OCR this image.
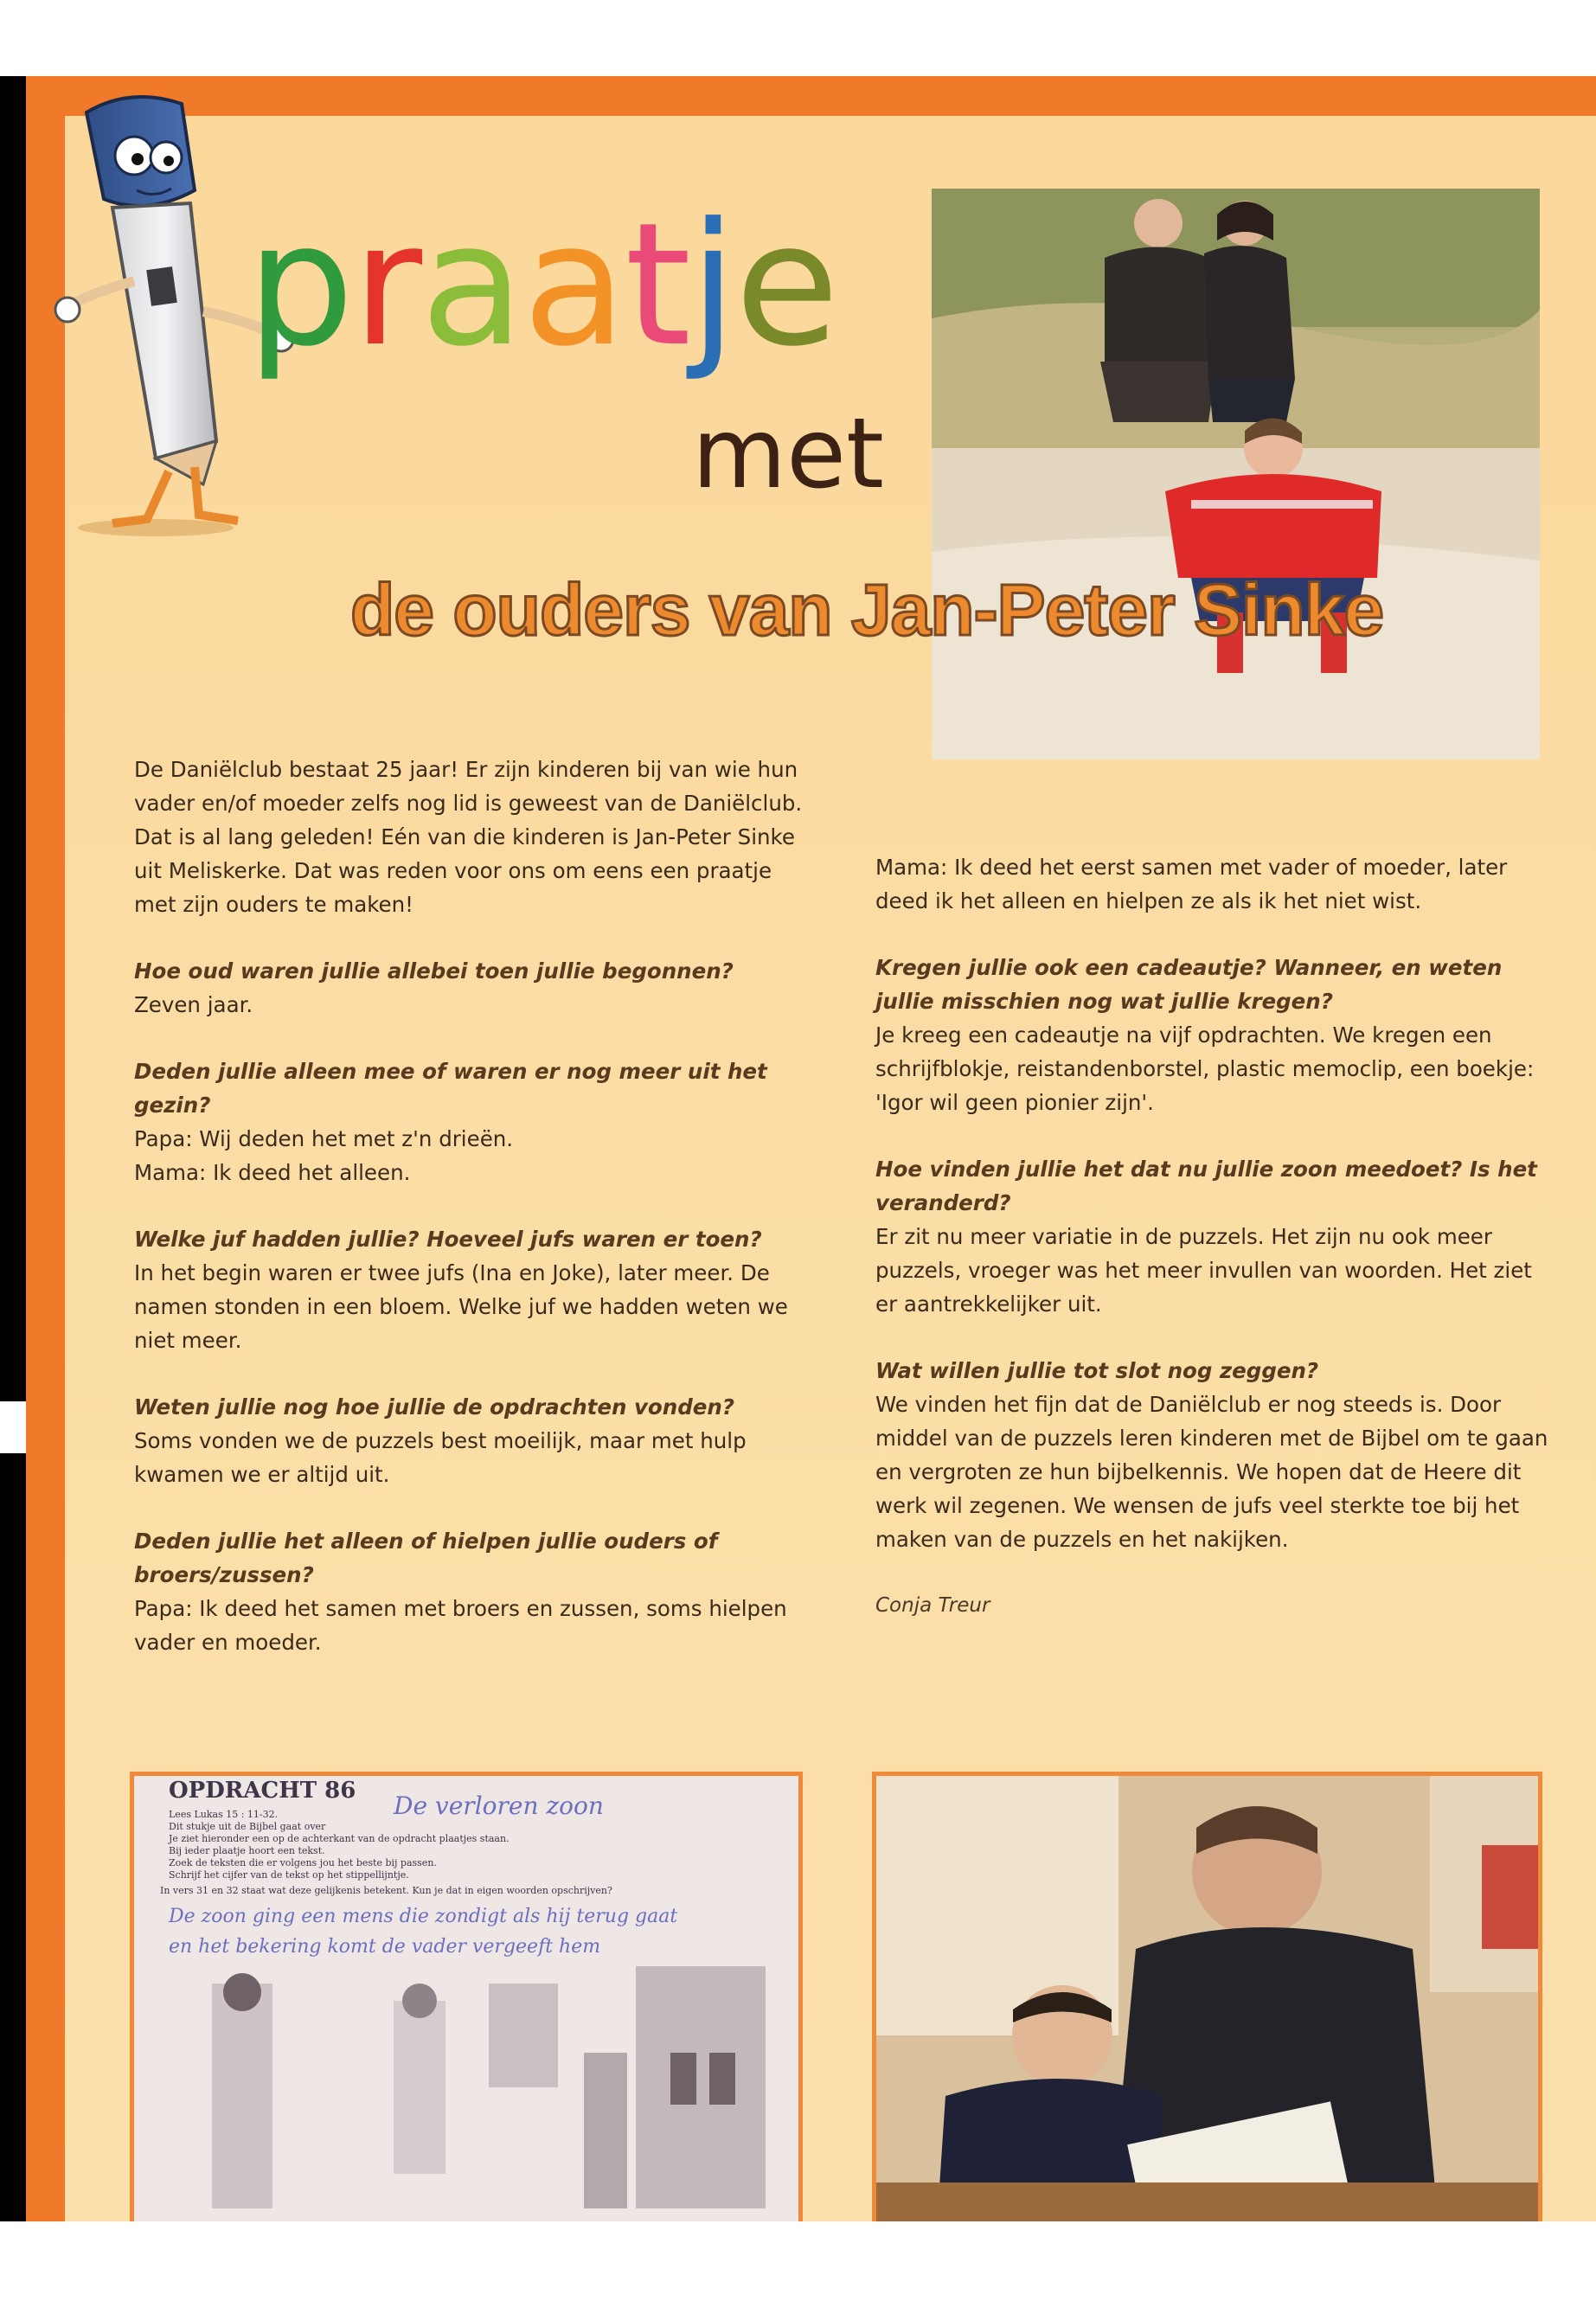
praatje
met
de ouders van Jan-Peter Sinke

De Daniëlclub bestaat 25 jaar! Er zijn kinderen bij van wie hun vader en/of moeder zelfs nog lid is geweest van de Daniëlclub. Dat is al lang geleden! Eén van die kinderen is Jan-Peter Sinke uit Meliskerke. Dat was reden voor ons om eens een praatje met zijn ouders te maken!

Hoe oud waren jullie allebei toen jullie begonnen?
Zeven jaar.

Deden jullie alleen mee of waren er nog meer uit het gezin?
Papa: Wij deden het met z'n drieën.
Mama: Ik deed het alleen.

Welke juf hadden jullie? Hoeveel jufs waren er toen?
In het begin waren er twee jufs (Ina en Joke), later meer. De namen stonden in een bloem. Welke juf we hadden weten we niet meer.

Weten jullie nog hoe jullie de opdrachten vonden?
Soms vonden we de puzzels best moeilijk, maar met hulp kwamen we er altijd uit.

Deden jullie het alleen of hielpen jullie ouders of broers/zussen?
Papa: Ik deed het samen met broers en zussen, soms hielpen vader en moeder.

Mama: Ik deed het eerst samen met vader of moeder, later deed ik het alleen en hielpen ze als ik het niet wist.

Kregen jullie ook een cadeautje? Wanneer, en weten jullie misschien nog wat jullie kregen?
Je kreeg een cadeautje na vijf opdrachten. We kregen een schrijfblokje, reistandenborstel, plastic memoclip, een boekje: 'Igor wil geen pionier zijn'.

Hoe vinden jullie het dat nu jullie zoon meedoet? Is het veranderd?
Er zit nu meer variatie in de puzzels. Het zijn nu ook meer puzzels, vroeger was het meer invullen van woorden. Het ziet er aantrekkelijker uit.

Wat willen jullie tot slot nog zeggen?
We vinden het fijn dat de Daniëlclub er nog steeds is. Door middel van de puzzels leren kinderen met de Bijbel om te gaan en vergroten ze hun bijbelkennis. We hopen dat de Heere dit werk wil zegenen. We wensen de jufs veel sterkte toe bij het maken van de puzzels en het nakijken.

Conja Treur

OPDRACHT 86
Lees Lukas 15 : 11-32.
Dit stukje uit de Bijbel gaat over
Je ziet hieronder een op de achterkant van de opdracht plaatjes staan.
Bij ieder plaatje hoort een tekst.
Zoek de teksten die er volgens jou het beste bij passen.
Schrijf het cijfer van de tekst op het stippellijntje.
In vers 31 en 32 staat wat deze gelijkenis betekent. Kun je dat in eigen woorden opschrijven?
De verloren zoon
De zoon ging een mens die zondigt als hij terug gaat
en het bekering komt de vader vergeeft hem
